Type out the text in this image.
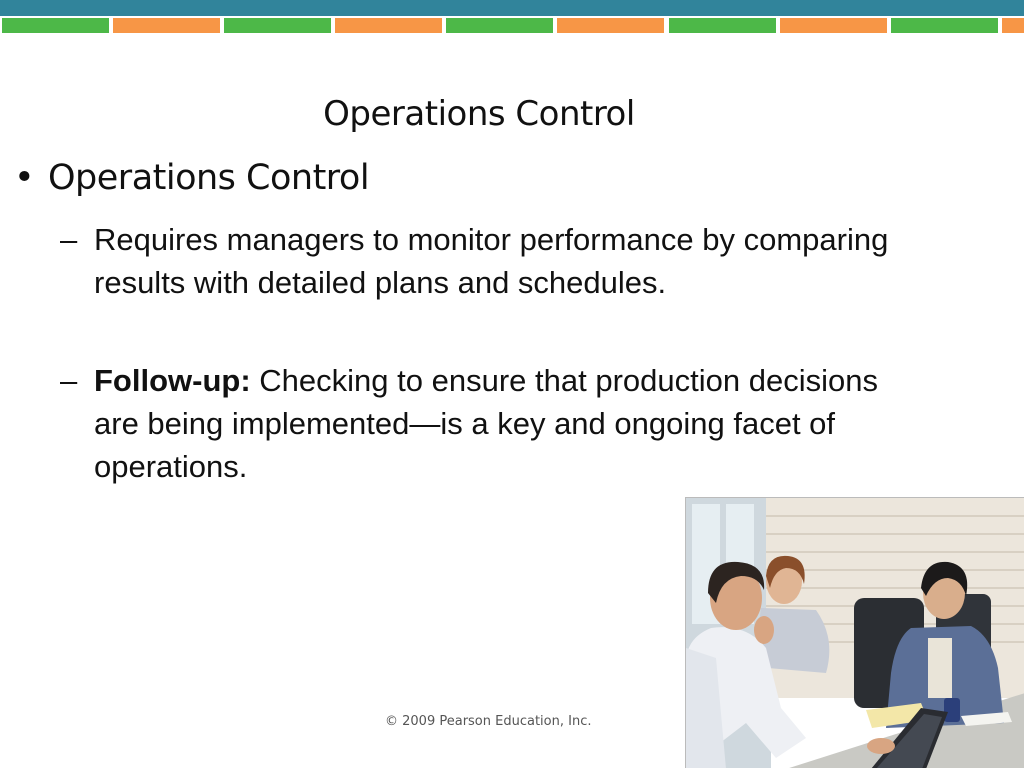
Operations Control
• Operations Control
– Requires managers to monitor performance by comparing results with detailed plans and schedules.
– Follow-up: Checking to ensure that production decisions are being implemented—is a key and ongoing facet of operations.
© 2009 Pearson Education, Inc.
